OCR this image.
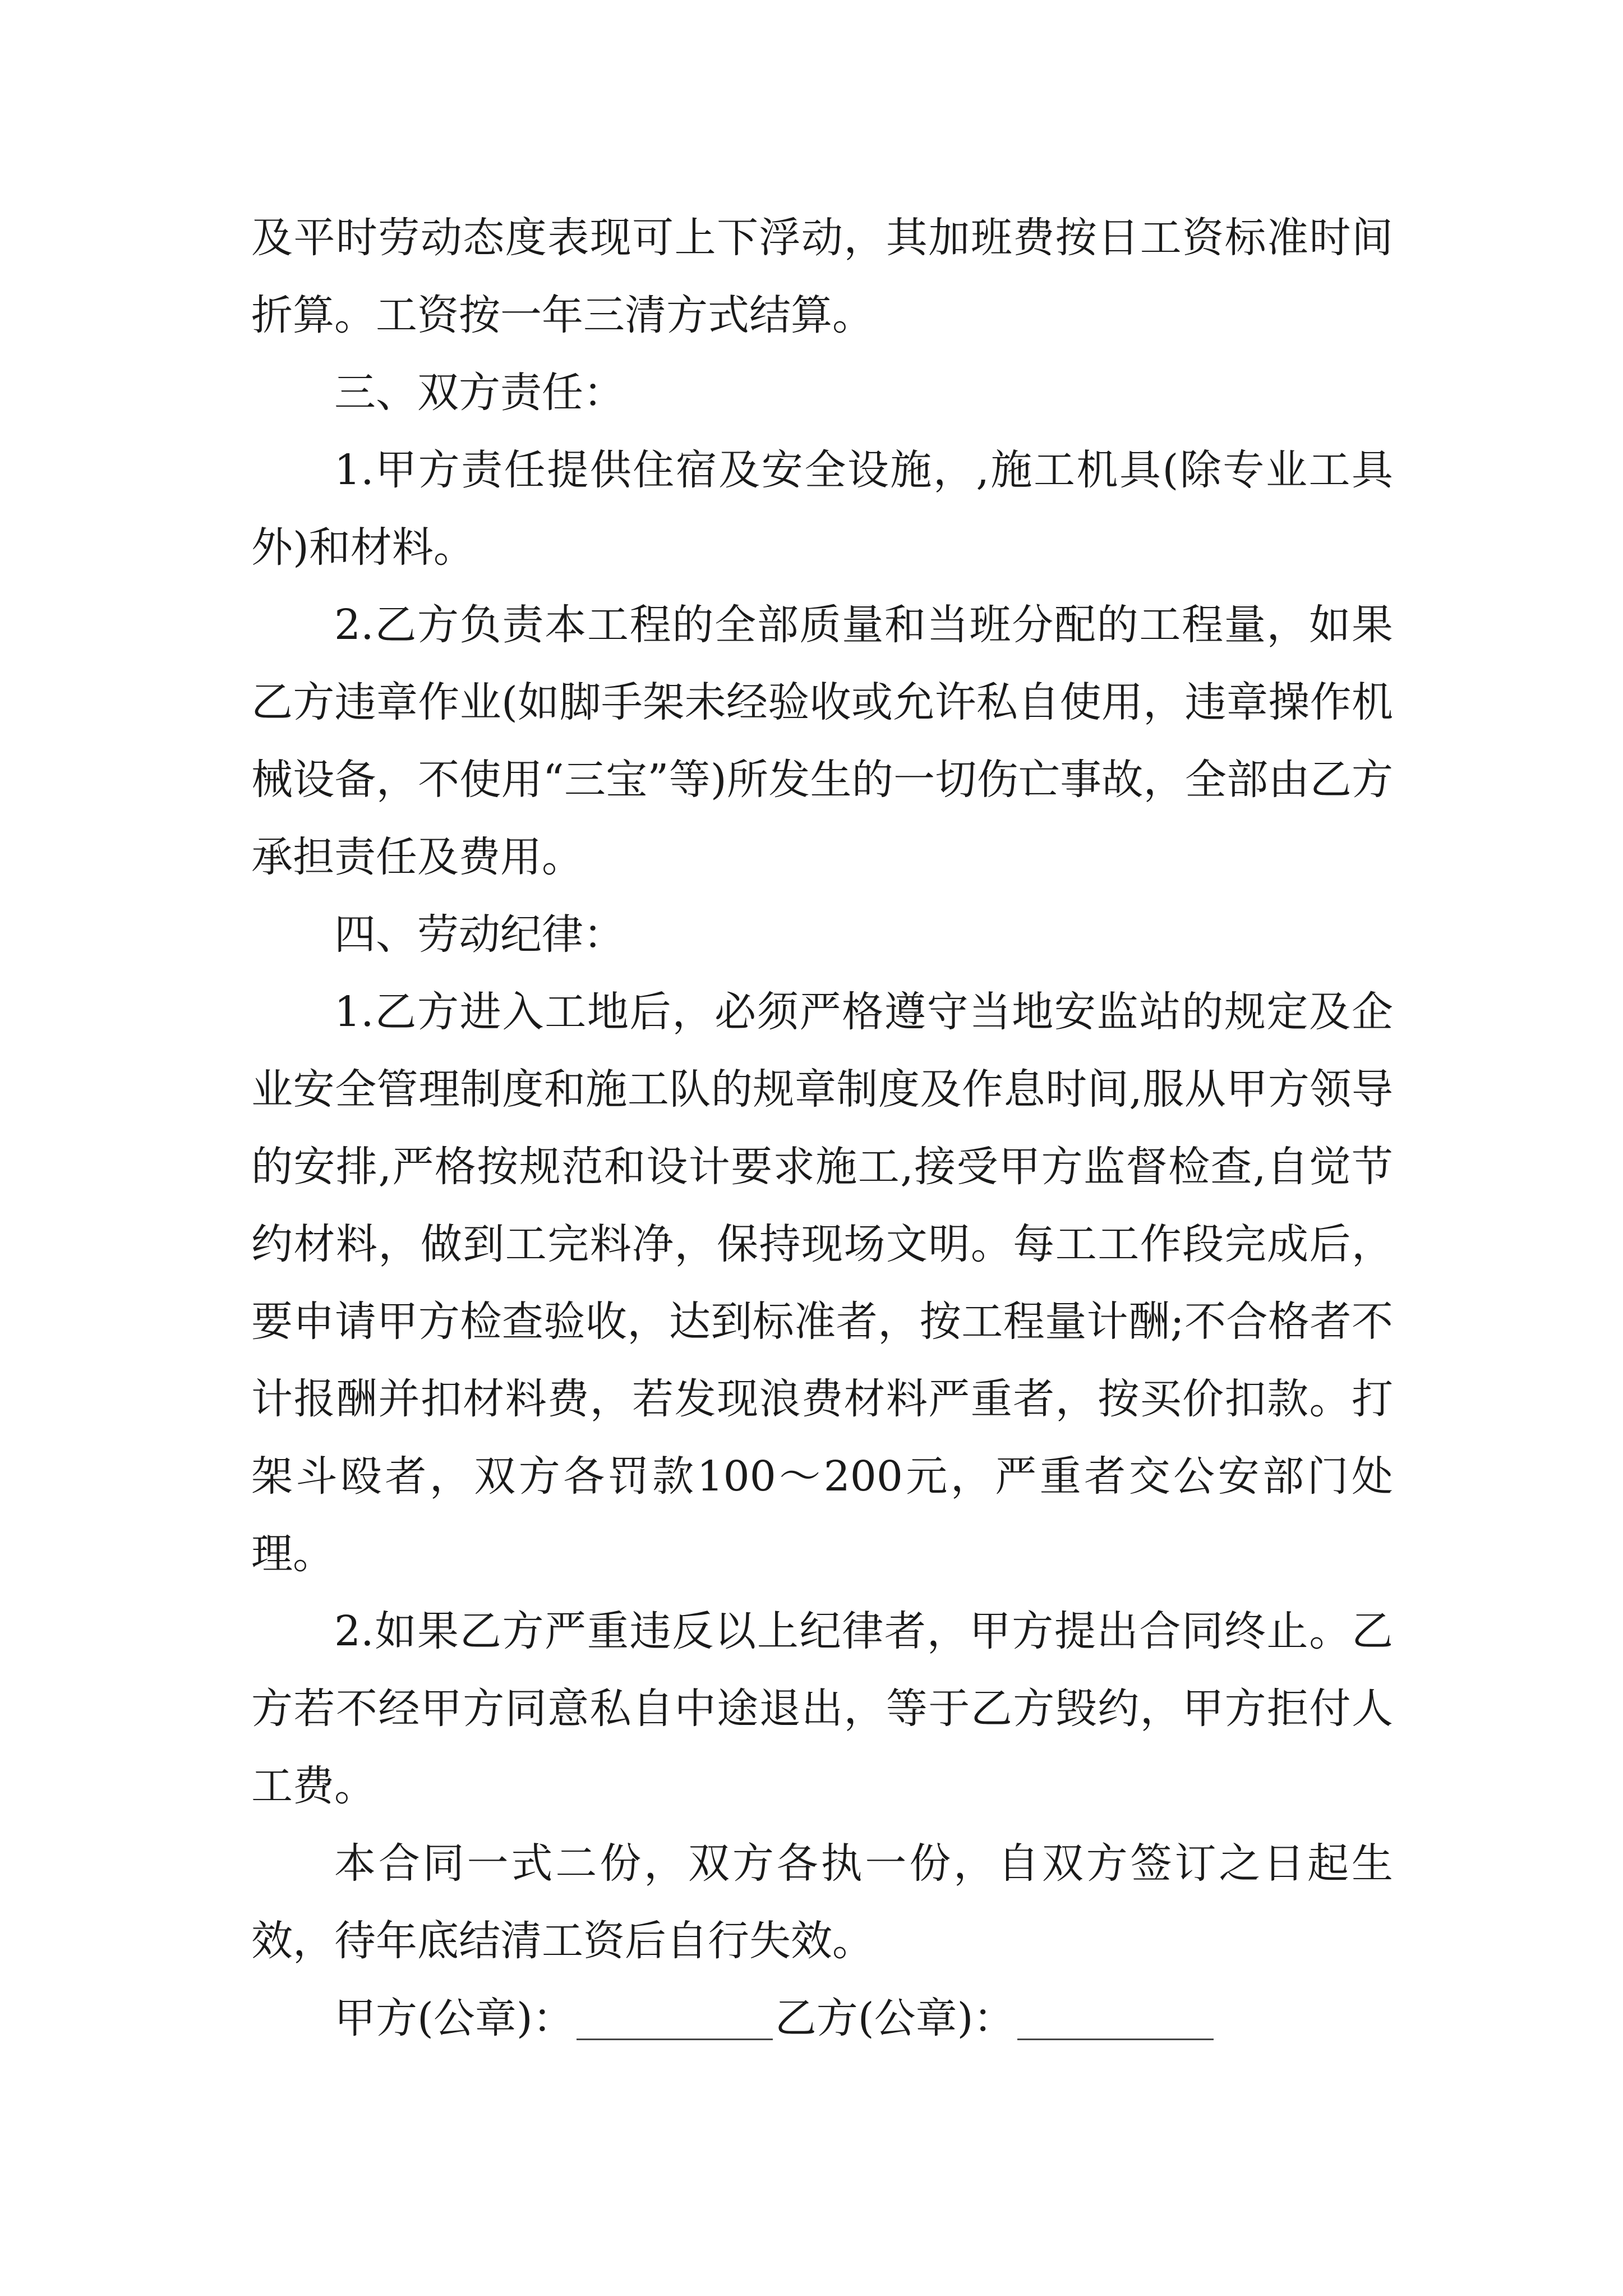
及平时劳动态度表现可上下浮动，其加班费按日工资标准时间折算。工资按一年三清方式结算。

三、双方责任：

1.甲方责任提供住宿及安全设施，,施工机具(除专业工具外)和材料。

2.乙方负责本工程的全部质量和当班分配的工程量，如果乙方违章作业(如脚手架未经验收或允许私自使用，违章操作机械设备，不使用“三宝”等)所发生的一切伤亡事故，全部由乙方承担责任及费用。

四、劳动纪律：

1.乙方进入工地后，必须严格遵守当地安监站的规定及企业安全管理制度和施工队的规章制度及作息时间,服从甲方领导的安排,严格按规范和设计要求施工,接受甲方监督检查,自觉节约材料，做到工完料净，保持现场文明。每工工作段完成后，要申请甲方检查验收，达到标准者，按工程量计酬;不合格者不计报酬并扣材料费，若发现浪费材料严重者，按买价扣款。打架斗殴者，双方各罚款100～200元，严重者交公安部门处理。

2.如果乙方严重违反以上纪律者，甲方提出合同终止。乙方若不经甲方同意私自中途退出，等于乙方毁约，甲方拒付人工费。

本合同一式二份，双方各执一份，自双方签订之日起生效，待年底结清工资后自行失效。

甲方(公章)：	乙方(公章)：
